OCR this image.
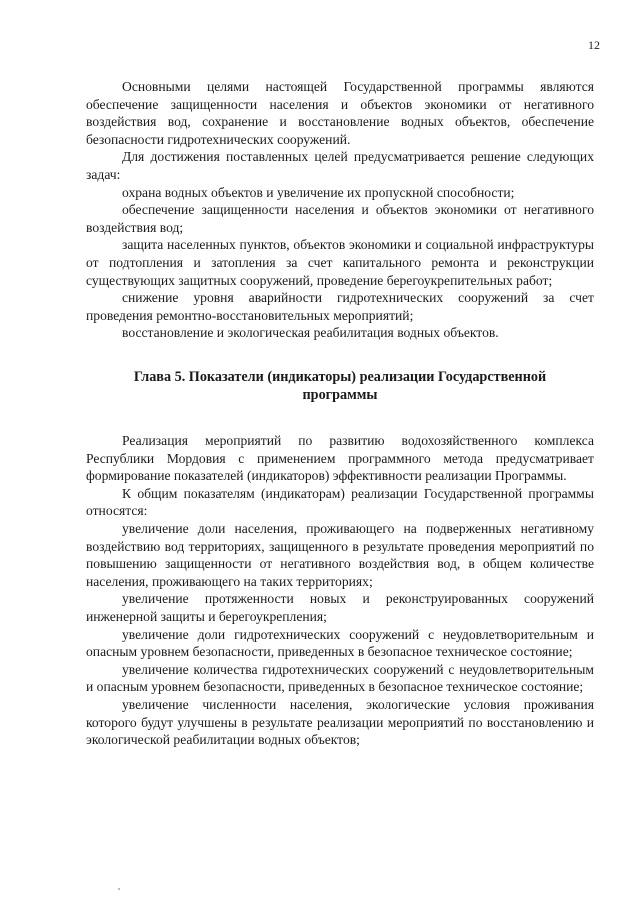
12

Основными целями настоящей Государственной программы являются обеспечение защищенности населения и объектов экономики от негативного воздействия вод, сохранение и восстановление водных объектов, обеспечение безопасности гидротехнических сооружений.

Для достижения поставленных целей предусматривается решение следующих задач:

охрана водных объектов и увеличение их пропускной способности;

обеспечение защищенности населения и объектов экономики от негативного воздействия вод;

защита населенных пунктов, объектов экономики и социальной инфраструктуры от подтопления и затопления за счет капитального ремонта и реконструкции существующих защитных сооружений, проведение берегоукрепительных работ;

снижение уровня аварийности гидротехнических сооружений за счет проведения ремонтно-восстановительных мероприятий;

восстановление и экологическая реабилитация водных объектов.

Глава 5. Показатели (индикаторы) реализации Государственной программы

Реализация мероприятий по развитию водохозяйственного комплекса Республики Мордовия с применением программного метода предусматривает формирование показателей (индикаторов) эффективности реализации Программы.

К общим показателям (индикаторам) реализации Государственной программы относятся:

увеличение доли населения, проживающего на подверженных негативному воздействию вод территориях, защищенного в результате проведения мероприятий по повышению защищенности от негативного воздействия вод, в общем количестве населения, проживающего на таких территориях;

увеличение протяженности новых и реконструированных сооружений инженерной защиты и берегоукрепления;

увеличение доли гидротехнических сооружений с неудовлетворительным и опасным уровнем безопасности, приведенных в безопасное техническое состояние;

увеличение количества гидротехнических сооружений с неудовлетворительным и опасным уровнем безопасности, приведенных в безопасное техническое состояние;

увеличение численности населения, экологические условия проживания которого будут улучшены в результате реализации мероприятий по восстановлению и экологической реабилитации водных объектов;
